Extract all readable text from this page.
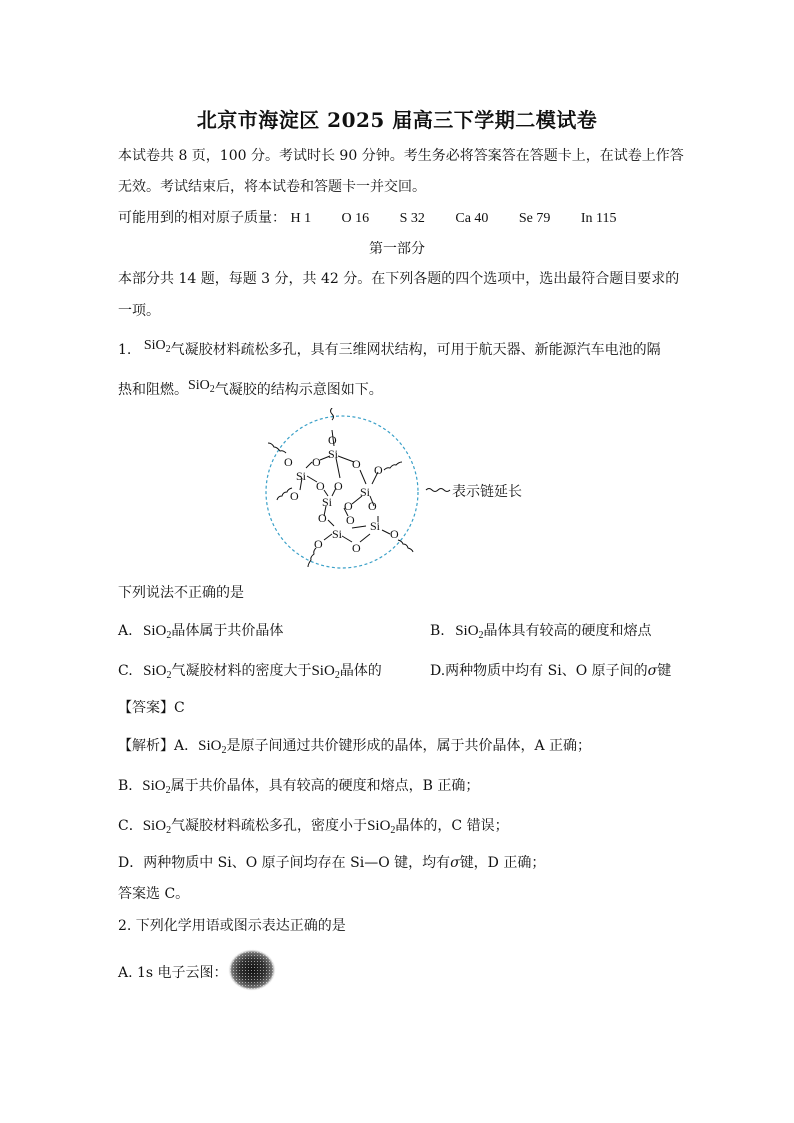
北京市海淀区 2025 届高三下学期二模试卷
本试卷共 8 页，100 分。考试时长 90 分钟。考生务必将答案答在答题卡上，在试卷上作答
无效。考试结束后，将本试卷和答题卡一并交回。
可能用到的相对原子质量： H 1 O 16 S 32 Ca 40 Se 79 In 115
第一部分
本部分共 14 题，每题 3 分，共 42 分。在下列各题的四个选项中，选出最符合题目要求的
一项。
1. SiO$_2$气凝胶材料疏松多孔，具有三维网状结构，可用于航天器、新能源汽车电池的隔
热和阻燃。SiO$_2$气凝胶的结构示意图如下。
O
Si
O
O
Si
O O
O
O
O	Si
Si O O
O O Si
Si	O
O
O
表示链延长
下列说法不正确的是
A. SiO$_2$晶体属于共价晶体	B. SiO$_2$晶体具有较高的硬度和熔点
C. SiO$_2$气凝胶材料的密度大于SiO$_2$晶体的	D.两种物质中均有 Si、O 原子间的σ键
【答案】C
【解析】A．SiO$_2$是原子间通过共价键形成的晶体，属于共价晶体，A 正确；
B．SiO$_2$属于共价晶体，具有较高的硬度和熔点，B 正确；
C．SiO$_2$气凝胶材料疏松多孔，密度小于SiO$_2$晶体的，C 错误；
D．两种物质中 Si、O 原子间均存在 Si—O 键，均有σ键，D 正确；
答案选 C。
2. 下列化学用语或图示表达正确的是
A. 1s 电子云图：
